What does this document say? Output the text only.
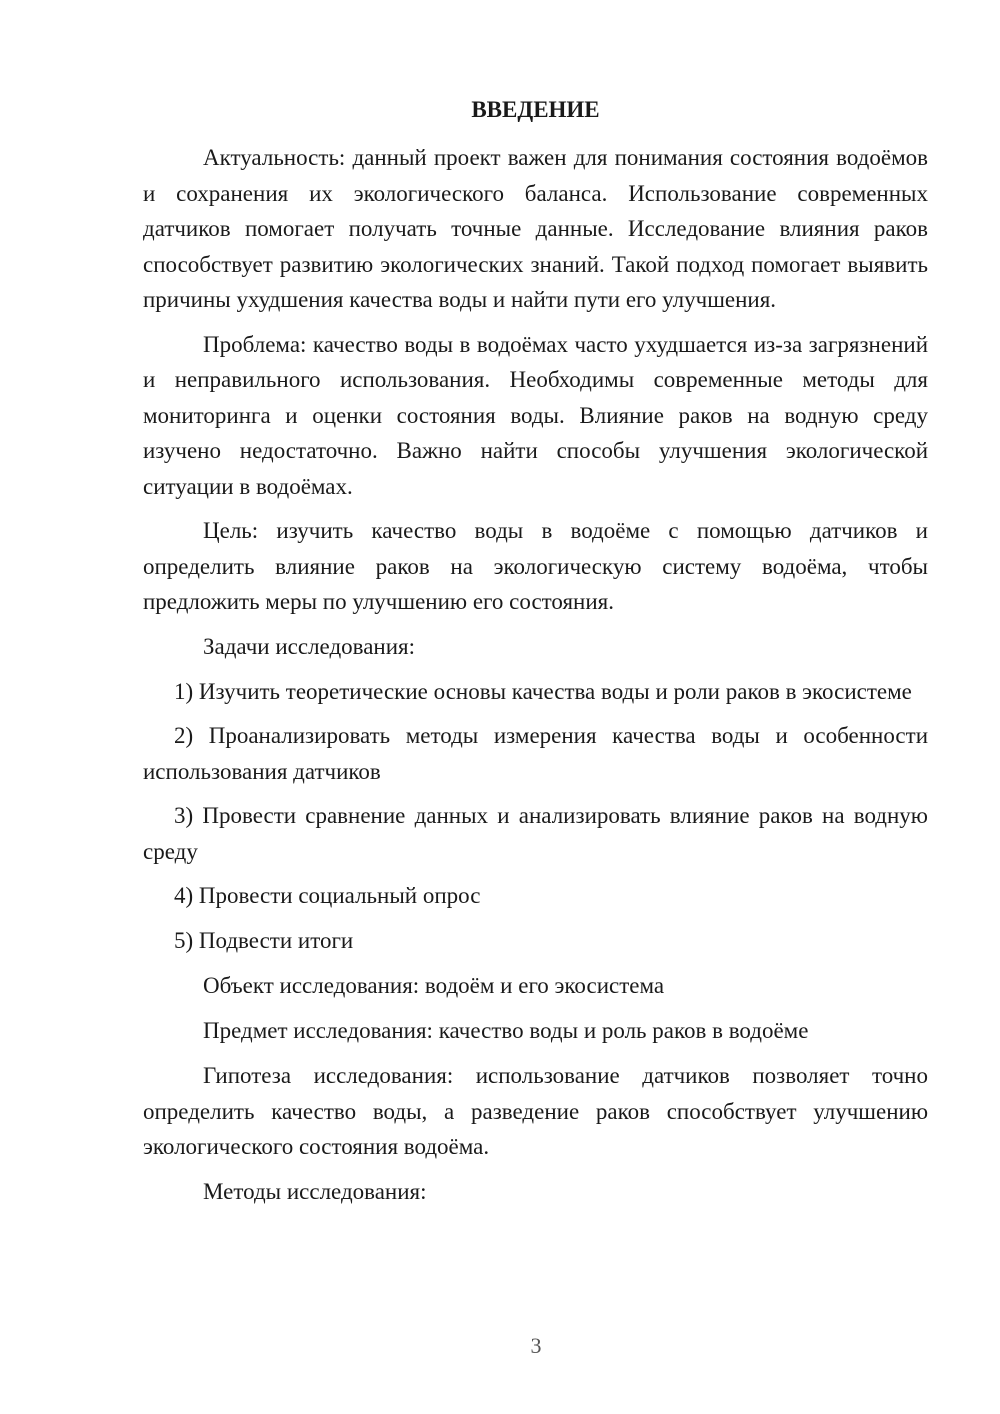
ВВЕДЕНИЕ

Актуальность: данный проект важен для понимания состояния водоёмов и сохранения их экологического баланса. Использование современных датчиков помогает получать точные данные. Исследование влияния раков способствует развитию экологических знаний. Такой подход помогает выявить причины ухудшения качества воды и найти пути его улучшения.

Проблема: качество воды в водоёмах часто ухудшается из-за загрязнений и неправильного использования. Необходимы современные методы для мониторинга и оценки состояния воды. Влияние раков на водную среду изучено недостаточно. Важно найти способы улучшения экологической ситуации в водоёмах.

Цель: изучить качество воды в водоёме с помощью датчиков и определить влияние раков на экологическую систему водоёма, чтобы предложить меры по улучшению его состояния.

Задачи исследования:

1) Изучить теоретические основы качества воды и роли раков в экосистеме

2) Проанализировать методы измерения качества воды и особенности использования датчиков

3) Провести сравнение данных и анализировать влияние раков на водную среду

4) Провести социальный опрос

5) Подвести итоги

Объект исследования: водоём и его экосистема

Предмет исследования: качество воды и роль раков в водоёме

Гипотеза исследования: использование датчиков позволяет точно определить качество воды, а разведение раков способствует улучшению экологического состояния водоёма.

Методы исследования:

3
